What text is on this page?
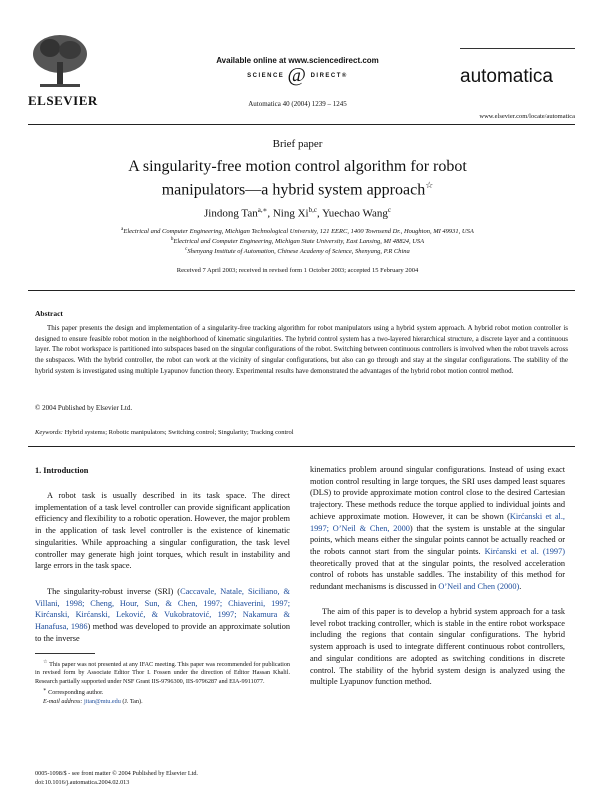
ELSEVIER
Available online at www.sciencedirect.com
SCIENCE @ DIRECT®
Automatica 40 (2004) 1239 – 1245
automatica
www.elsevier.com/locate/automatica
Brief paper
A singularity-free motion control algorithm for robot
manipulators—a hybrid system approach☆
Jindong Tan$^{a,∗}$, Ning Xi$^{b,c}$, Yuechao Wang$^c$
$^a$Electrical and Computer Engineering, Michigan Technological University, 121 EERC, 1400 Townsend Dr., Houghton, MI 49931, USA
$^b$Electrical and Computer Engineering, Michigan State University, East Lansing, MI 48824, USA
$^c$Shenyang Institute of Automation, Chinese Academy of Science, Shenyang, P.R China
Received 7 April 2003; received in revised form 1 October 2003; accepted 15 February 2004
Abstract
This paper presents the design and implementation of a singularity-free tracking algorithm for robot manipulators using a hybrid system approach. A hybrid robot motion controller is designed to ensure feasible robot motion in the neighborhood of kinematic singularities. The hybrid control system has a two-layered hierarchical structure, a discrete layer and a continuous layer. The robot workspace is partitioned into subspaces based on the singular configurations of the robot. Switching between continuous controllers is involved when the robot travels across the subspaces. With the hybrid controller, the robot can work at the vicinity of singular configurations, but also can go through and stay at the singular configurations. The stability of the hybrid system is investigated using multiple Lyapunov function theory. Experimental results have demonstrated the advantages of the hybrid robot motion control method.
© 2004 Published by Elsevier Ltd.
Keywords: Hybrid systems; Robotic manipulators; Switching control; Singularity; Tracking control
1. Introduction
A robot task is usually described in its task space. The direct implementation of a task level controller can provide significant application efficiency and flexibility to a robotic operation. However, the major problem in the application of task level controller is the existence of kinematic singularities. While approaching a singular configuration, the task level controller may generate high joint torques, which result in instability and large errors in the task space.
The singularity-robust inverse (SRI) (Caccavale, Natale, Siciliano, & Villani, 1998; Cheng, Hour, Sun, & Chen, 1997; Chiaverini, 1997; Kirćanski, Kirćanski, Leković, & Vukobratović, 1997; Nakamura & Hanafusa, 1986) method was developed to provide an approximate solution to the inverse
☆ This paper was not presented at any IFAC meeting. This paper was recommended for publication in revised form by Associate Editor Thor I. Fossen under the direction of Editor Hassan Khalil. Research partially supported under NSF Grant IIS-9796300, IIS-9796287 and EIA-9911077.
∗ Corresponding author.
E-mail address: jitan@mtu.edu (J. Tan).
kinematics problem around singular configurations. Instead of using exact motion control resulting in large torques, the SRI uses damped least squares (DLS) to provide approximate motion control close to the desired Cartesian trajectory. These methods reduce the torque applied to individual joints and achieve approximate motion. However, it can be shown (Kirćanski et al., 1997; O’Neil & Chen, 2000) that the system is unstable at the singular points, which means either the singular points cannot be actually reached or the robots cannot start from the singular points. Kirćanski et al. (1997) theoretically proved that at the singular points, the resolved acceleration control of robots has unstable saddles. The instability of this method for redundant mechanisms is discussed in O’Neil and Chen (2000).
The aim of this paper is to develop a hybrid system approach for a task level robot tracking controller, which is stable in the entire robot workspace including the regions that contain singular configurations. The hybrid system approach is used to integrate different continuous robot controllers, and singular conditions are adopted as switching conditions in discrete control. The stability of the hybrid system design is analyzed using the multiple Lyapunov function method.
0005-1098/$ - see front matter © 2004 Published by Elsevier Ltd.
doi:10.1016/j.automatica.2004.02.013
